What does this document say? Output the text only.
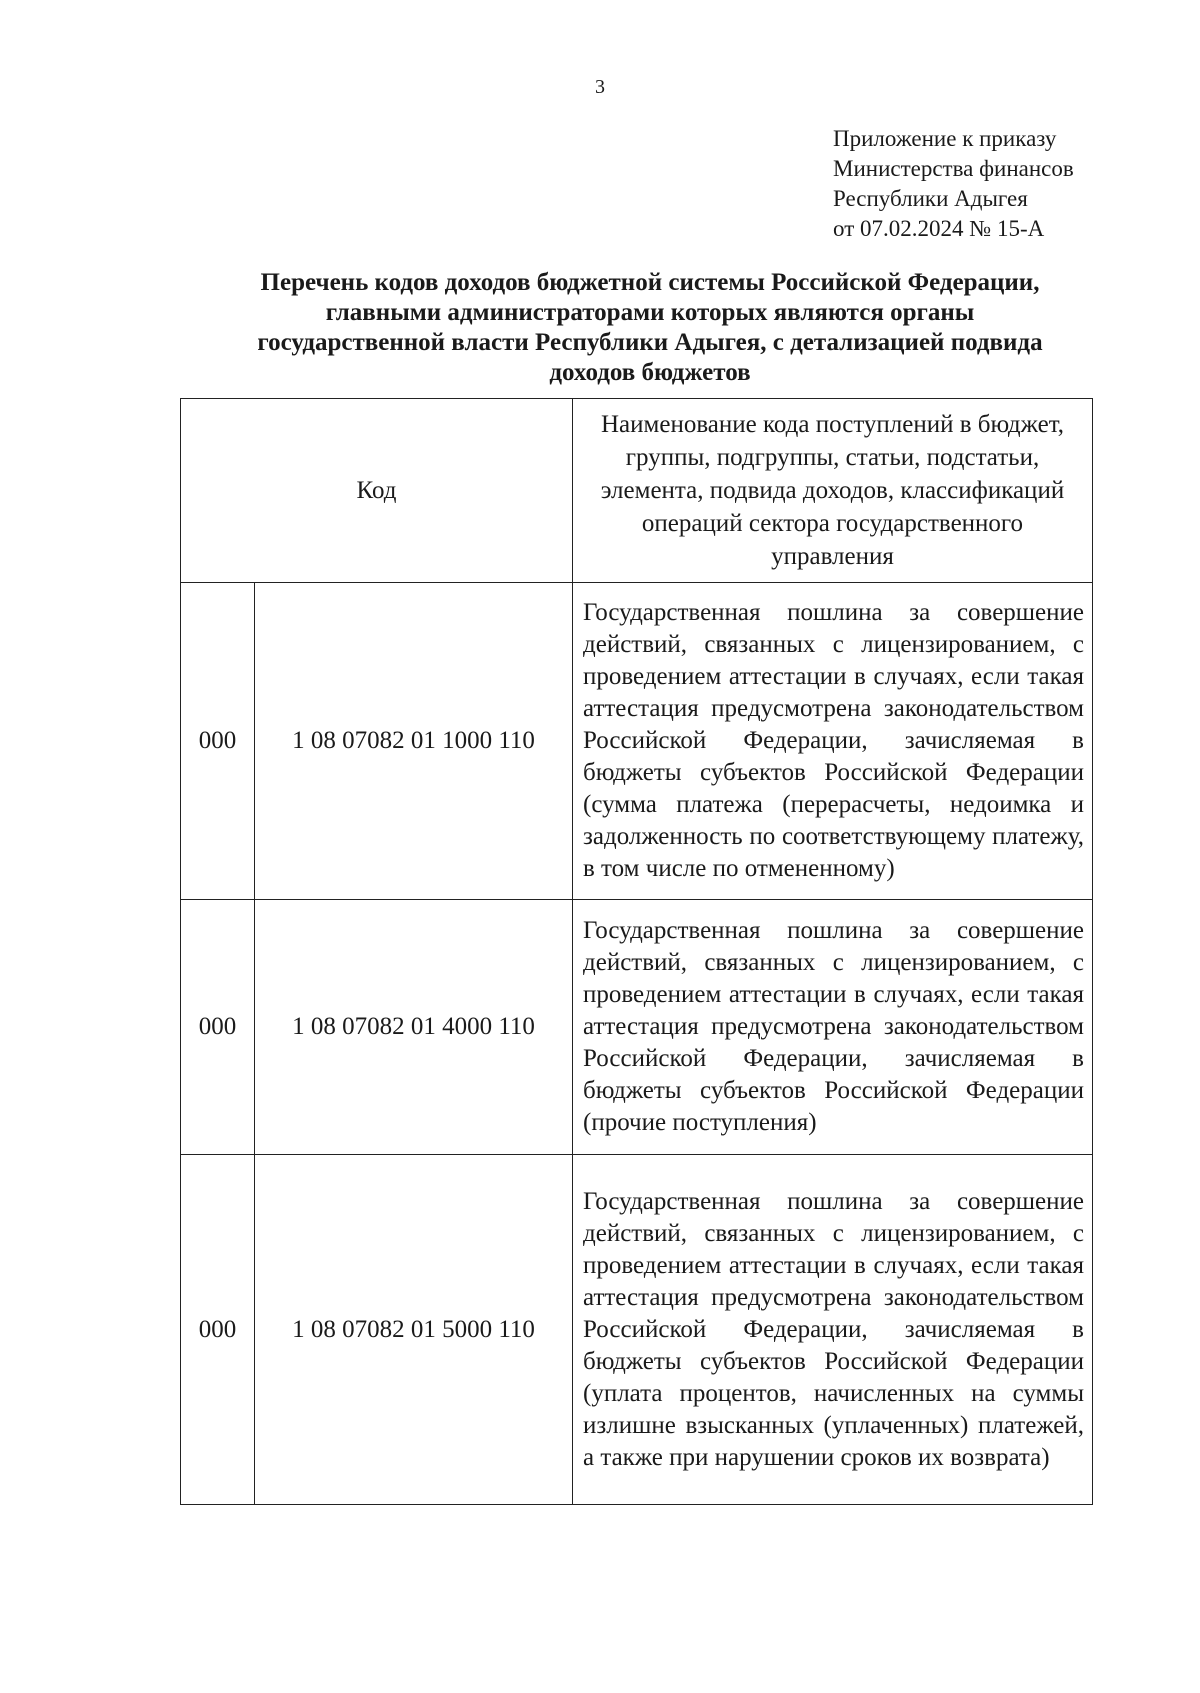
3
Приложение к приказу
Министерства финансов
Республики Адыгея
от 07.02.2024 № 15-А
Перечень кодов доходов бюджетной системы Российской Федерации,
главными администраторами которых являются органы
государственной власти Республики Адыгея, с детализацией подвида
доходов бюджетов
Код		Наименование кода поступлений в бюджет, группы, подгруппы, статьи, подстатьи, элемента, подвида доходов, классификаций операций сектора государственного управления
000	1 08 07082 01 1000 110	Государственная пошлина за совершение действий, связанных с лицензированием, с проведением аттестации в случаях, если такая аттестация предусмотрена законодательством Российской Федерации, зачисляемая в бюджеты субъектов Российской Федерации (сумма платежа (перерасчеты, недоимка и задолженность по соответствующему платежу, в том числе по отмененному)
000	1 08 07082 01 4000 110	Государственная пошлина за совершение действий, связанных с лицензированием, с проведением аттестации в случаях, если такая аттестация предусмотрена законодательством Российской Федерации, зачисляемая в бюджеты субъектов Российской Федерации (прочие поступления)
000	1 08 07082 01 5000 110	Государственная пошлина за совершение действий, связанных с лицензированием, с проведением аттестации в случаях, если такая аттестация предусмотрена законодательством Российской Федерации, зачисляемая в бюджеты субъектов Российской Федерации (уплата процентов, начисленных на суммы излишне взысканных (уплаченных) платежей, а также при нарушении сроков их возврата)
